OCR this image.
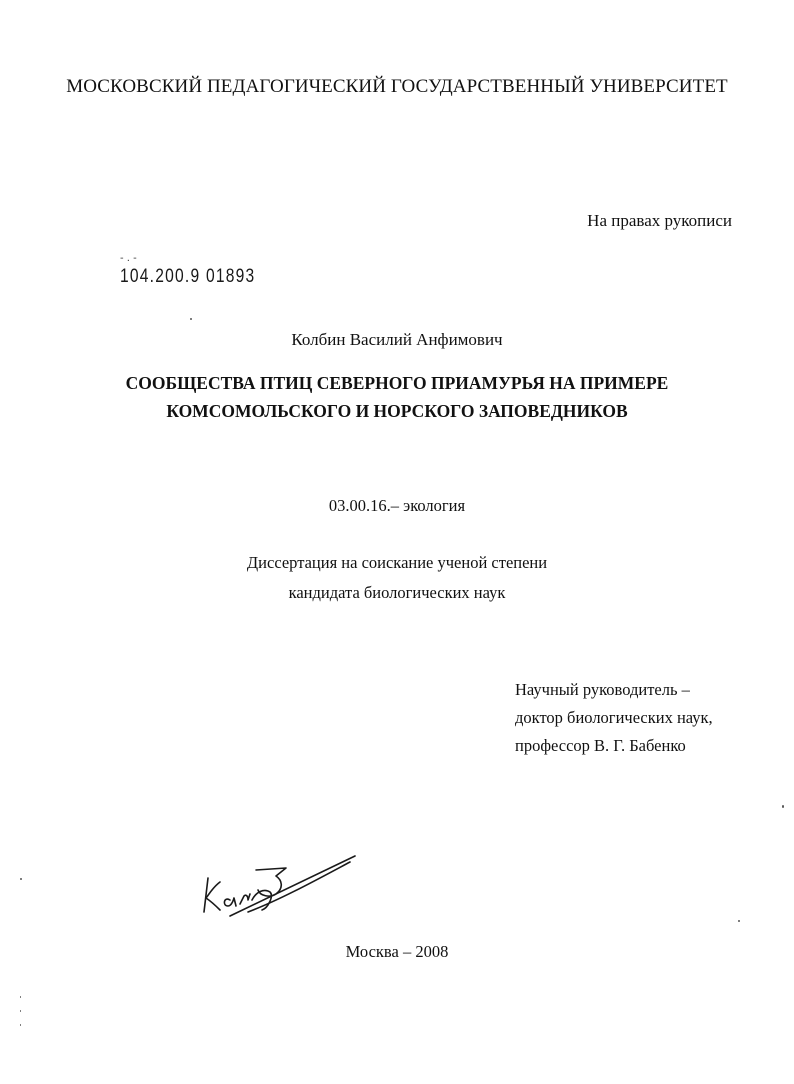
МОСКОВСКИЙ ПЕДАГОГИЧЕСКИЙ ГОСУДАРСТВЕННЫЙ УНИВЕРСИТЕТ
На правах рукописи
- . -
104.200.9 01893
Колбин Василий Анфимович
СООБЩЕСТВА ПТИЦ СЕВЕРНОГО ПРИАМУРЬЯ НА ПРИМЕРЕ
КОМСОМОЛЬСКОГО И НОРСКОГО ЗАПОВЕДНИКОВ
03.00.16.– экология
Диссертация на соискание ученой степени
кандидата биологических наук
Научный руководитель –
доктор биологических наук,
профессор В. Г. Бабенко
Москва – 2008
